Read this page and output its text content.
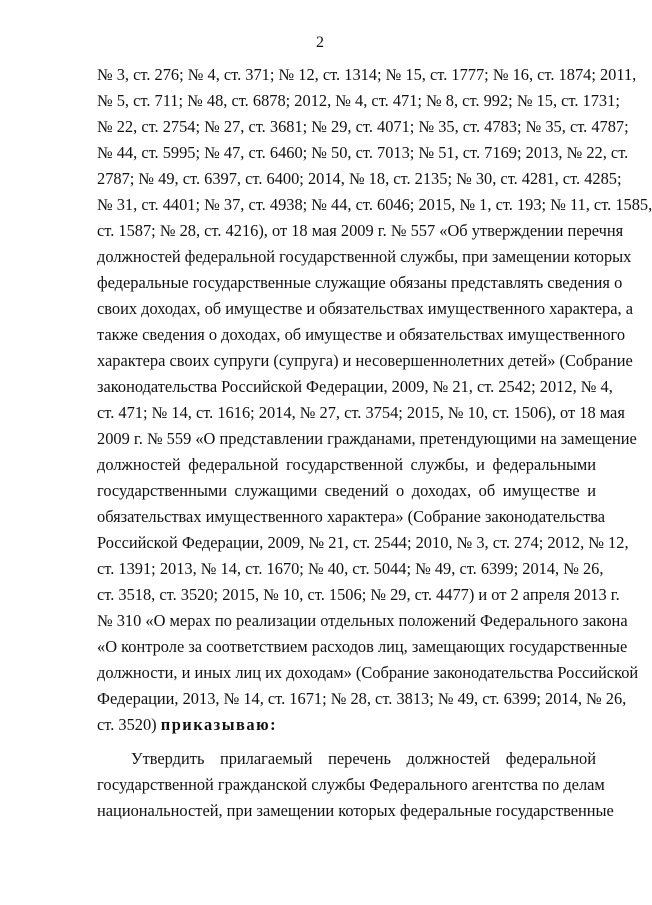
2
№ 3, ст. 276; № 4, ст. 371; № 12, ст. 1314; № 15, ст. 1777; № 16, ст. 1874; 2011,
№ 5, ст. 711; № 48, ст. 6878; 2012, № 4, ст. 471; № 8, ст. 992; № 15, ст. 1731;
№ 22, ст. 2754; № 27, ст. 3681; № 29, ст. 4071; № 35, ст. 4783; № 35, ст. 4787;
№ 44, ст. 5995; № 47, ст. 6460; № 50, ст. 7013; № 51, ст. 7169; 2013, № 22, ст.
2787; № 49, ст. 6397, ст. 6400; 2014, № 18, ст. 2135; № 30, ст. 4281, ст. 4285;
№ 31, ст. 4401; № 37, ст. 4938; № 44, ст. 6046; 2015, № 1, ст. 193; № 11, ст. 1585,
ст. 1587; № 28, ст. 4216), от 18 мая 2009 г. № 557 «Об утверждении перечня
должностей федеральной государственной службы, при замещении которых
федеральные государственные служащие обязаны представлять сведения о
своих доходах, об имуществе и обязательствах имущественного характера, а
также сведения о доходах, об имуществе и обязательствах имущественного
характера своих супруги (супруга) и несовершеннолетних детей» (Собрание
законодательства Российской Федерации, 2009, № 21, ст. 2542; 2012, № 4,
ст. 471; № 14, ст. 1616; 2014, № 27, ст. 3754; 2015, № 10, ст. 1506), от 18 мая
2009 г. № 559 «О представлении гражданами, претендующими на замещение
должностей федеральной государственной службы, и федеральными
государственными служащими сведений о доходах, об имуществе и
обязательствах имущественного характера» (Собрание законодательства
Российской Федерации, 2009, № 21, ст. 2544; 2010, № 3, ст. 274; 2012, № 12,
ст. 1391; 2013, № 14, ст. 1670; № 40, ст. 5044; № 49, ст. 6399; 2014, № 26,
ст. 3518, ст. 3520; 2015, № 10, ст. 1506; № 29, ст. 4477) и от 2 апреля 2013 г.
№ 310 «О мерах по реализации отдельных положений Федерального закона
«О контроле за соответствием расходов лиц, замещающих государственные
должности, и иных лиц их доходам» (Собрание законодательства Российской
Федерации, 2013, № 14, ст. 1671; № 28, ст. 3813; № 49, ст. 6399; 2014, № 26,
ст. 3520) приказываю:
Утвердить прилагаемый перечень должностей федеральной
государственной гражданской службы Федерального агентства по делам
национальностей, при замещении которых федеральные государственные
